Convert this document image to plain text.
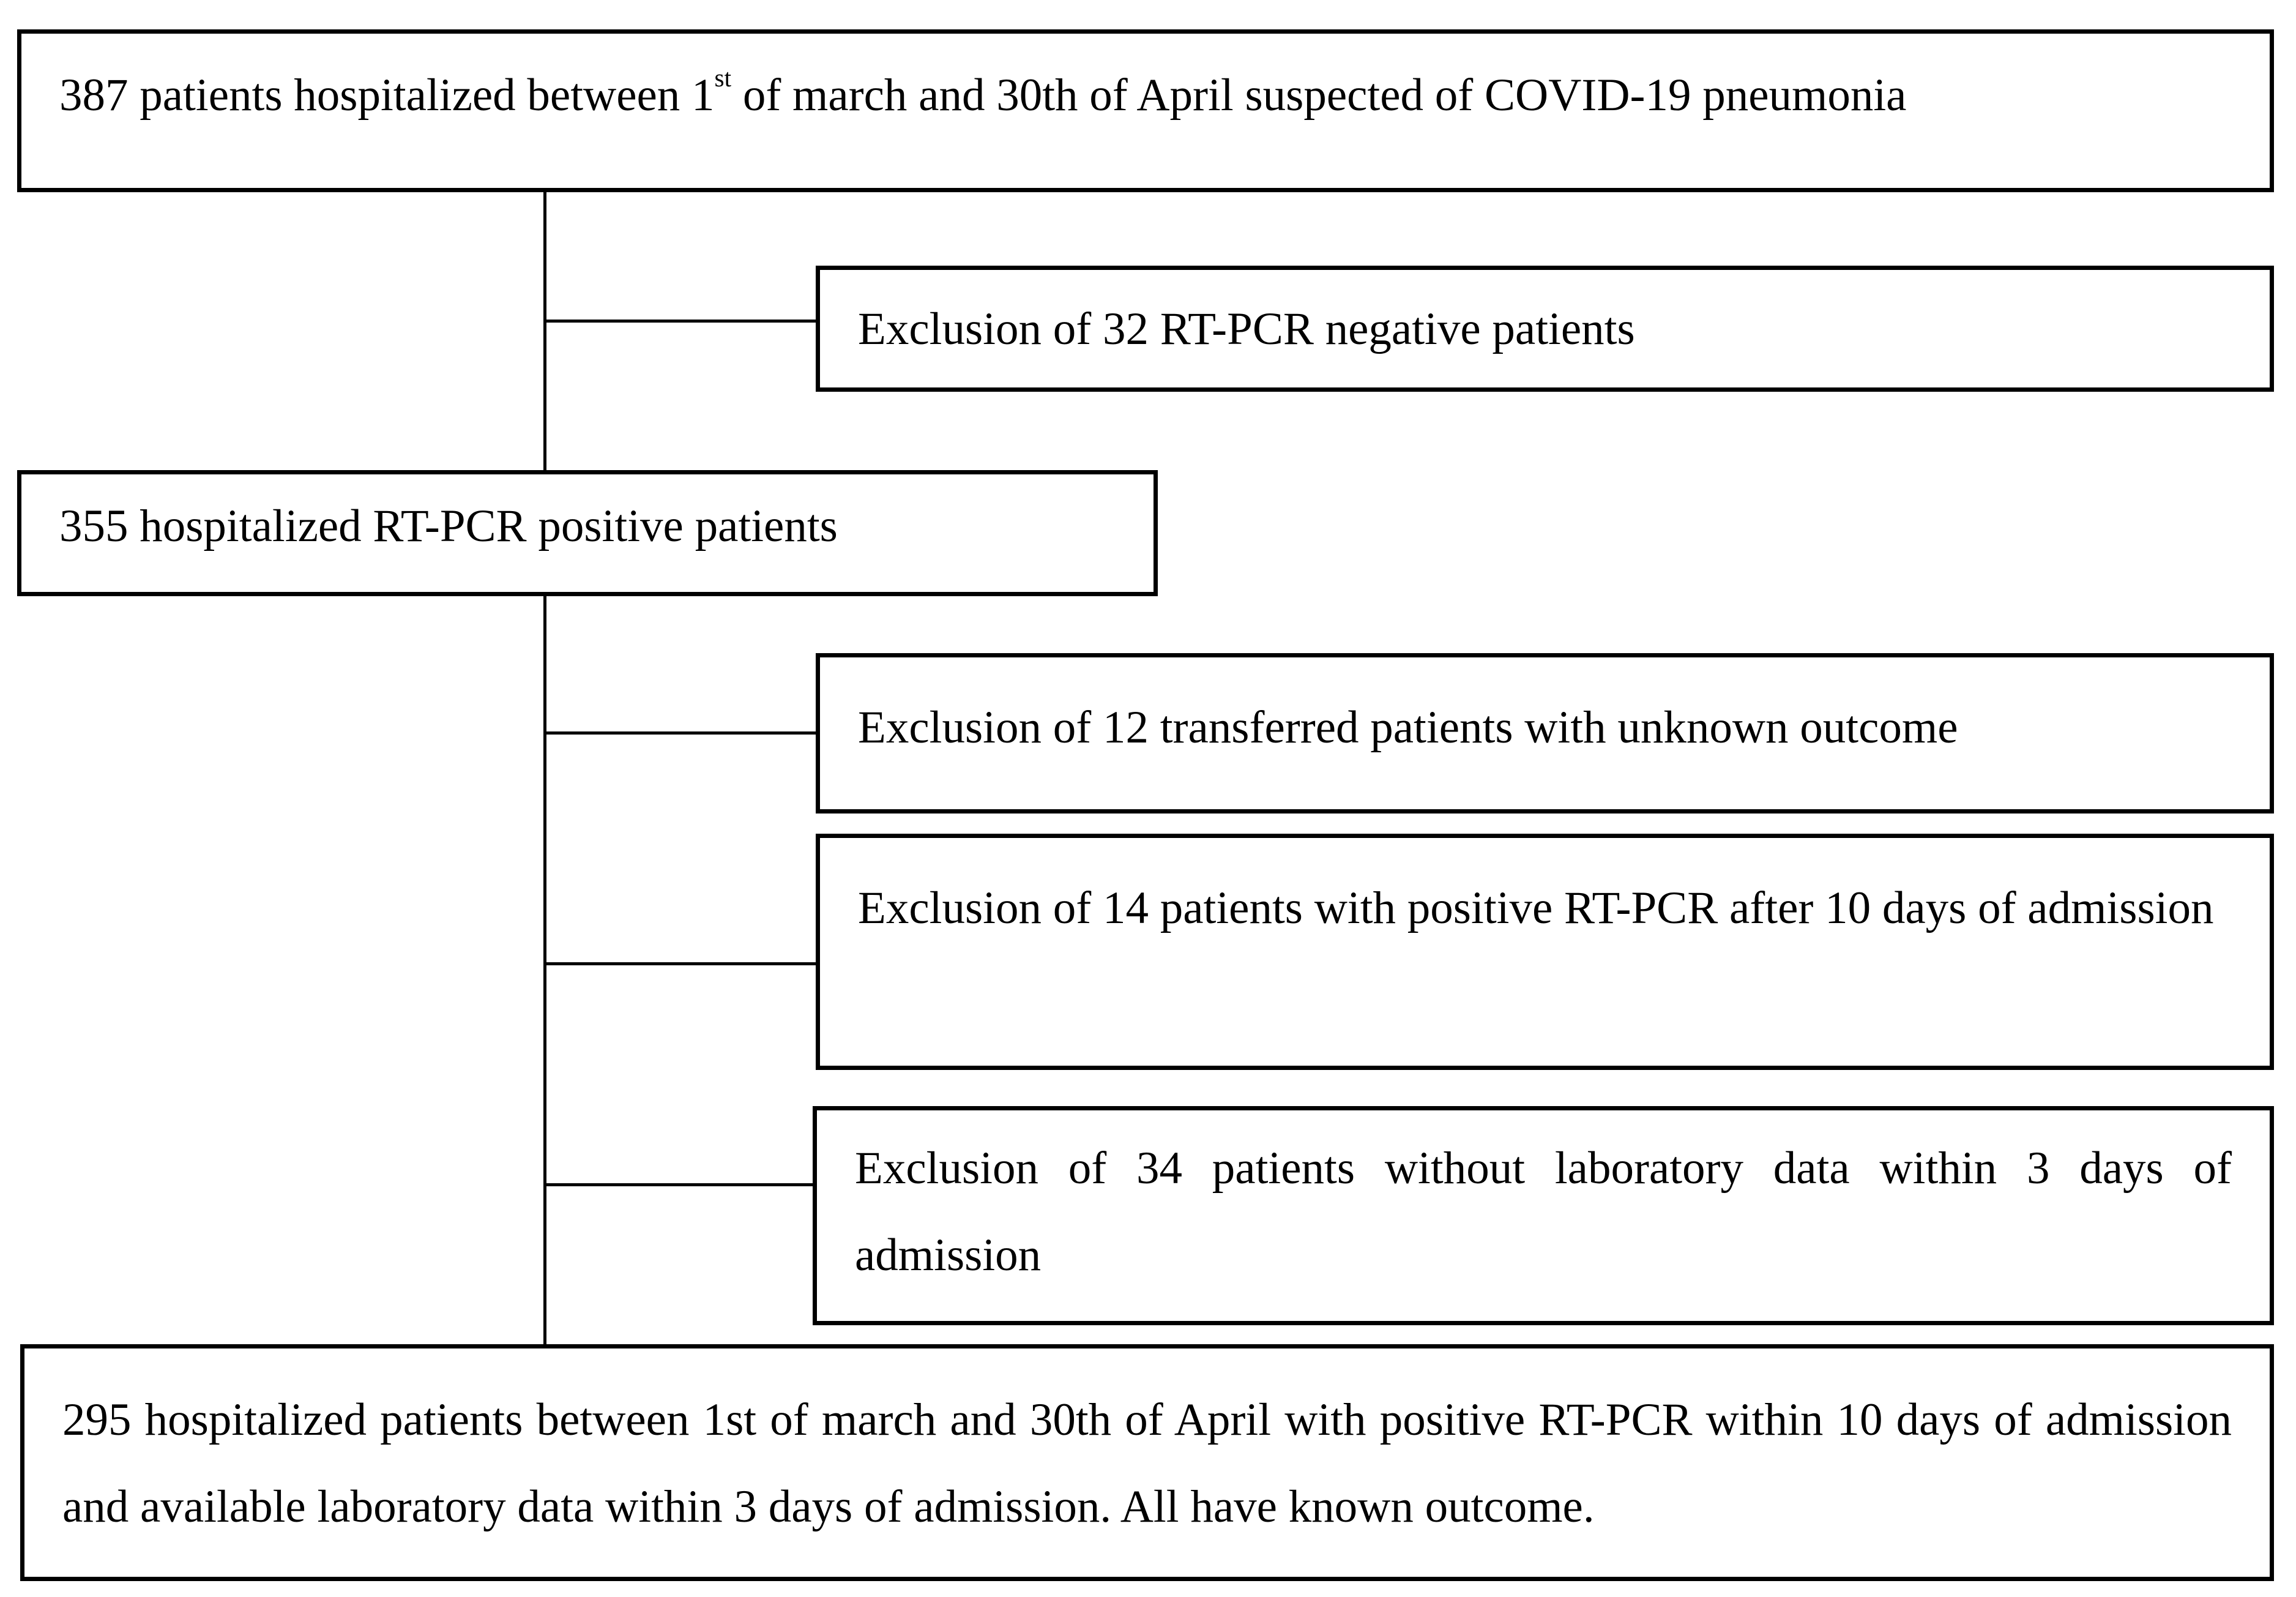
387 patients hospitalized between 1st of march and 30th of April suspected of COVID-19 pneumonia
Exclusion of 32 RT-PCR negative patients
355 hospitalized RT-PCR positive patients
Exclusion of 12 transferred patients with unknown outcome
Exclusion of 14 patients with positive RT-PCR after 10 days of admission
Exclusion of 34 patients without laboratory data within 3 days of admission
295 hospitalized patients between 1st of march and 30th of April with positive RT-PCR within 10 days of admission and available laboratory data within 3 days of admission. All have known outcome.
